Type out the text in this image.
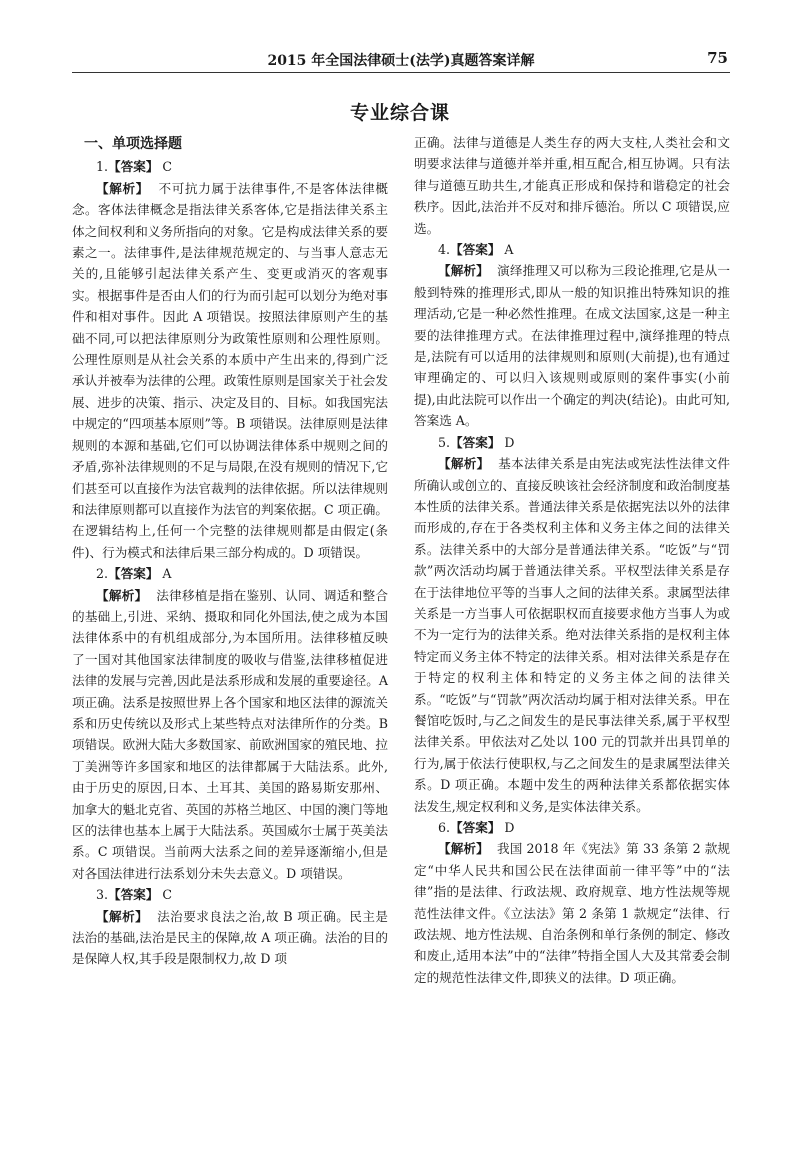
2015 年全国法律硕士(法学)真题答案详解	75
专业综合课

一、单项选择题

1.【答案】 C

【解析】 不可抗力属于法律事件,不是客体法律概念。客体法律概念是指法律关系客体,它是指法律关系主体之间权利和义务所指向的对象。它是构成法律关系的要素之一。法律事件,是法律规范规定的、与当事人意志无关的,且能够引起法律关系产生、变更或消灭的客观事实。根据事件是否由人们的行为而引起可以划分为绝对事件和相对事件。因此 A 项错误。按照法律原则产生的基础不同,可以把法律原则分为政策性原则和公理性原则。公理性原则是从社会关系的本质中产生出来的,得到广泛承认并被奉为法律的公理。政策性原则是国家关于社会发展、进步的决策、指示、决定及目的、目标。如我国宪法中规定的“四项基本原则”等。B 项错误。法律原则是法律规则的本源和基础,它们可以协调法律体系中规则之间的矛盾,弥补法律规则的不足与局限,在没有规则的情况下,它们甚至可以直接作为法官裁判的法律依据。所以法律规则和法律原则都可以直接作为法官的判案依据。C 项正确。在逻辑结构上,任何一个完整的法律规则都是由假定(条件)、行为模式和法律后果三部分构成的。D 项错误。

2.【答案】 A

【解析】 法律移植是指在鉴别、认同、调适和整合的基础上,引进、采纳、摄取和同化外国法,使之成为本国法律体系中的有机组成部分,为本国所用。法律移植反映了一国对其他国家法律制度的吸收与借鉴,法律移植促进法律的发展与完善,因此是法系形成和发展的重要途径。A 项正确。法系是按照世界上各个国家和地区法律的源流关系和历史传统以及形式上某些特点对法律所作的分类。B 项错误。欧洲大陆大多数国家、前欧洲国家的殖民地、拉丁美洲等许多国家和地区的法律都属于大陆法系。此外,由于历史的原因,日本、土耳其、美国的路易斯安那州、加拿大的魁北克省、英国的苏格兰地区、中国的澳门等地区的法律也基本上属于大陆法系。英国威尔士属于英美法系。C 项错误。当前两大法系之间的差异逐渐缩小,但是对各国法律进行法系划分未失去意义。D 项错误。

3.【答案】 C

【解析】 法治要求良法之治,故 B 项正确。民主是法治的基础,法治是民主的保障,故 A 项正确。法治的目的是保障人权,其手段是限制权力,故 D 项

正确。法律与道德是人类生存的两大支柱,人类社会和文明要求法律与道德并举并重,相互配合,相互协调。只有法律与道德互助共生,才能真正形成和保持和谐稳定的社会秩序。因此,法治并不反对和排斥德治。所以 C 项错误,应选。

4.【答案】 A

【解析】 演绎推理又可以称为三段论推理,它是从一般到特殊的推理形式,即从一般的知识推出特殊知识的推理活动,它是一种必然性推理。在成文法国家,这是一种主要的法律推理方式。在法律推理过程中,演绎推理的特点是,法院有可以适用的法律规则和原则(大前提),也有通过审理确定的、可以归入该规则或原则的案件事实(小前提),由此法院可以作出一个确定的判决(结论)。由此可知,答案选 A。

5.【答案】 D

【解析】 基本法律关系是由宪法或宪法性法律文件所确认或创立的、直接反映该社会经济制度和政治制度基本性质的法律关系。普通法律关系是依据宪法以外的法律而形成的,存在于各类权利主体和义务主体之间的法律关系。法律关系中的大部分是普通法律关系。“吃饭”与“罚款”两次活动均属于普通法律关系。平权型法律关系是存在于法律地位平等的当事人之间的法律关系。隶属型法律关系是一方当事人可依据职权而直接要求他方当事人为或不为一定行为的法律关系。绝对法律关系指的是权利主体特定而义务主体不特定的法律关系。相对法律关系是存在于特定的权利主体和特定的义务主体之间的法律关系。“吃饭”与“罚款”两次活动均属于相对法律关系。甲在餐馆吃饭时,与乙之间发生的是民事法律关系,属于平权型法律关系。甲依法对乙处以 100 元的罚款并出具罚单的行为,属于依法行使职权,与乙之间发生的是隶属型法律关系。D 项正确。本题中发生的两种法律关系都依据实体法发生,规定权利和义务,是实体法律关系。

6.【答案】 D

【解析】 我国 2018 年《宪法》第 33 条第 2 款规定“中华人民共和国公民在法律面前一律平等”中的“法律”指的是法律、行政法规、政府规章、地方性法规等规范性法律文件。《立法法》第 2 条第 1 款规定“法律、行政法规、地方性法规、自治条例和单行条例的制定、修改和废止,适用本法”中的“法律”特指全国人大及其常委会制定的规范性法律文件,即狭义的法律。D 项正确。
